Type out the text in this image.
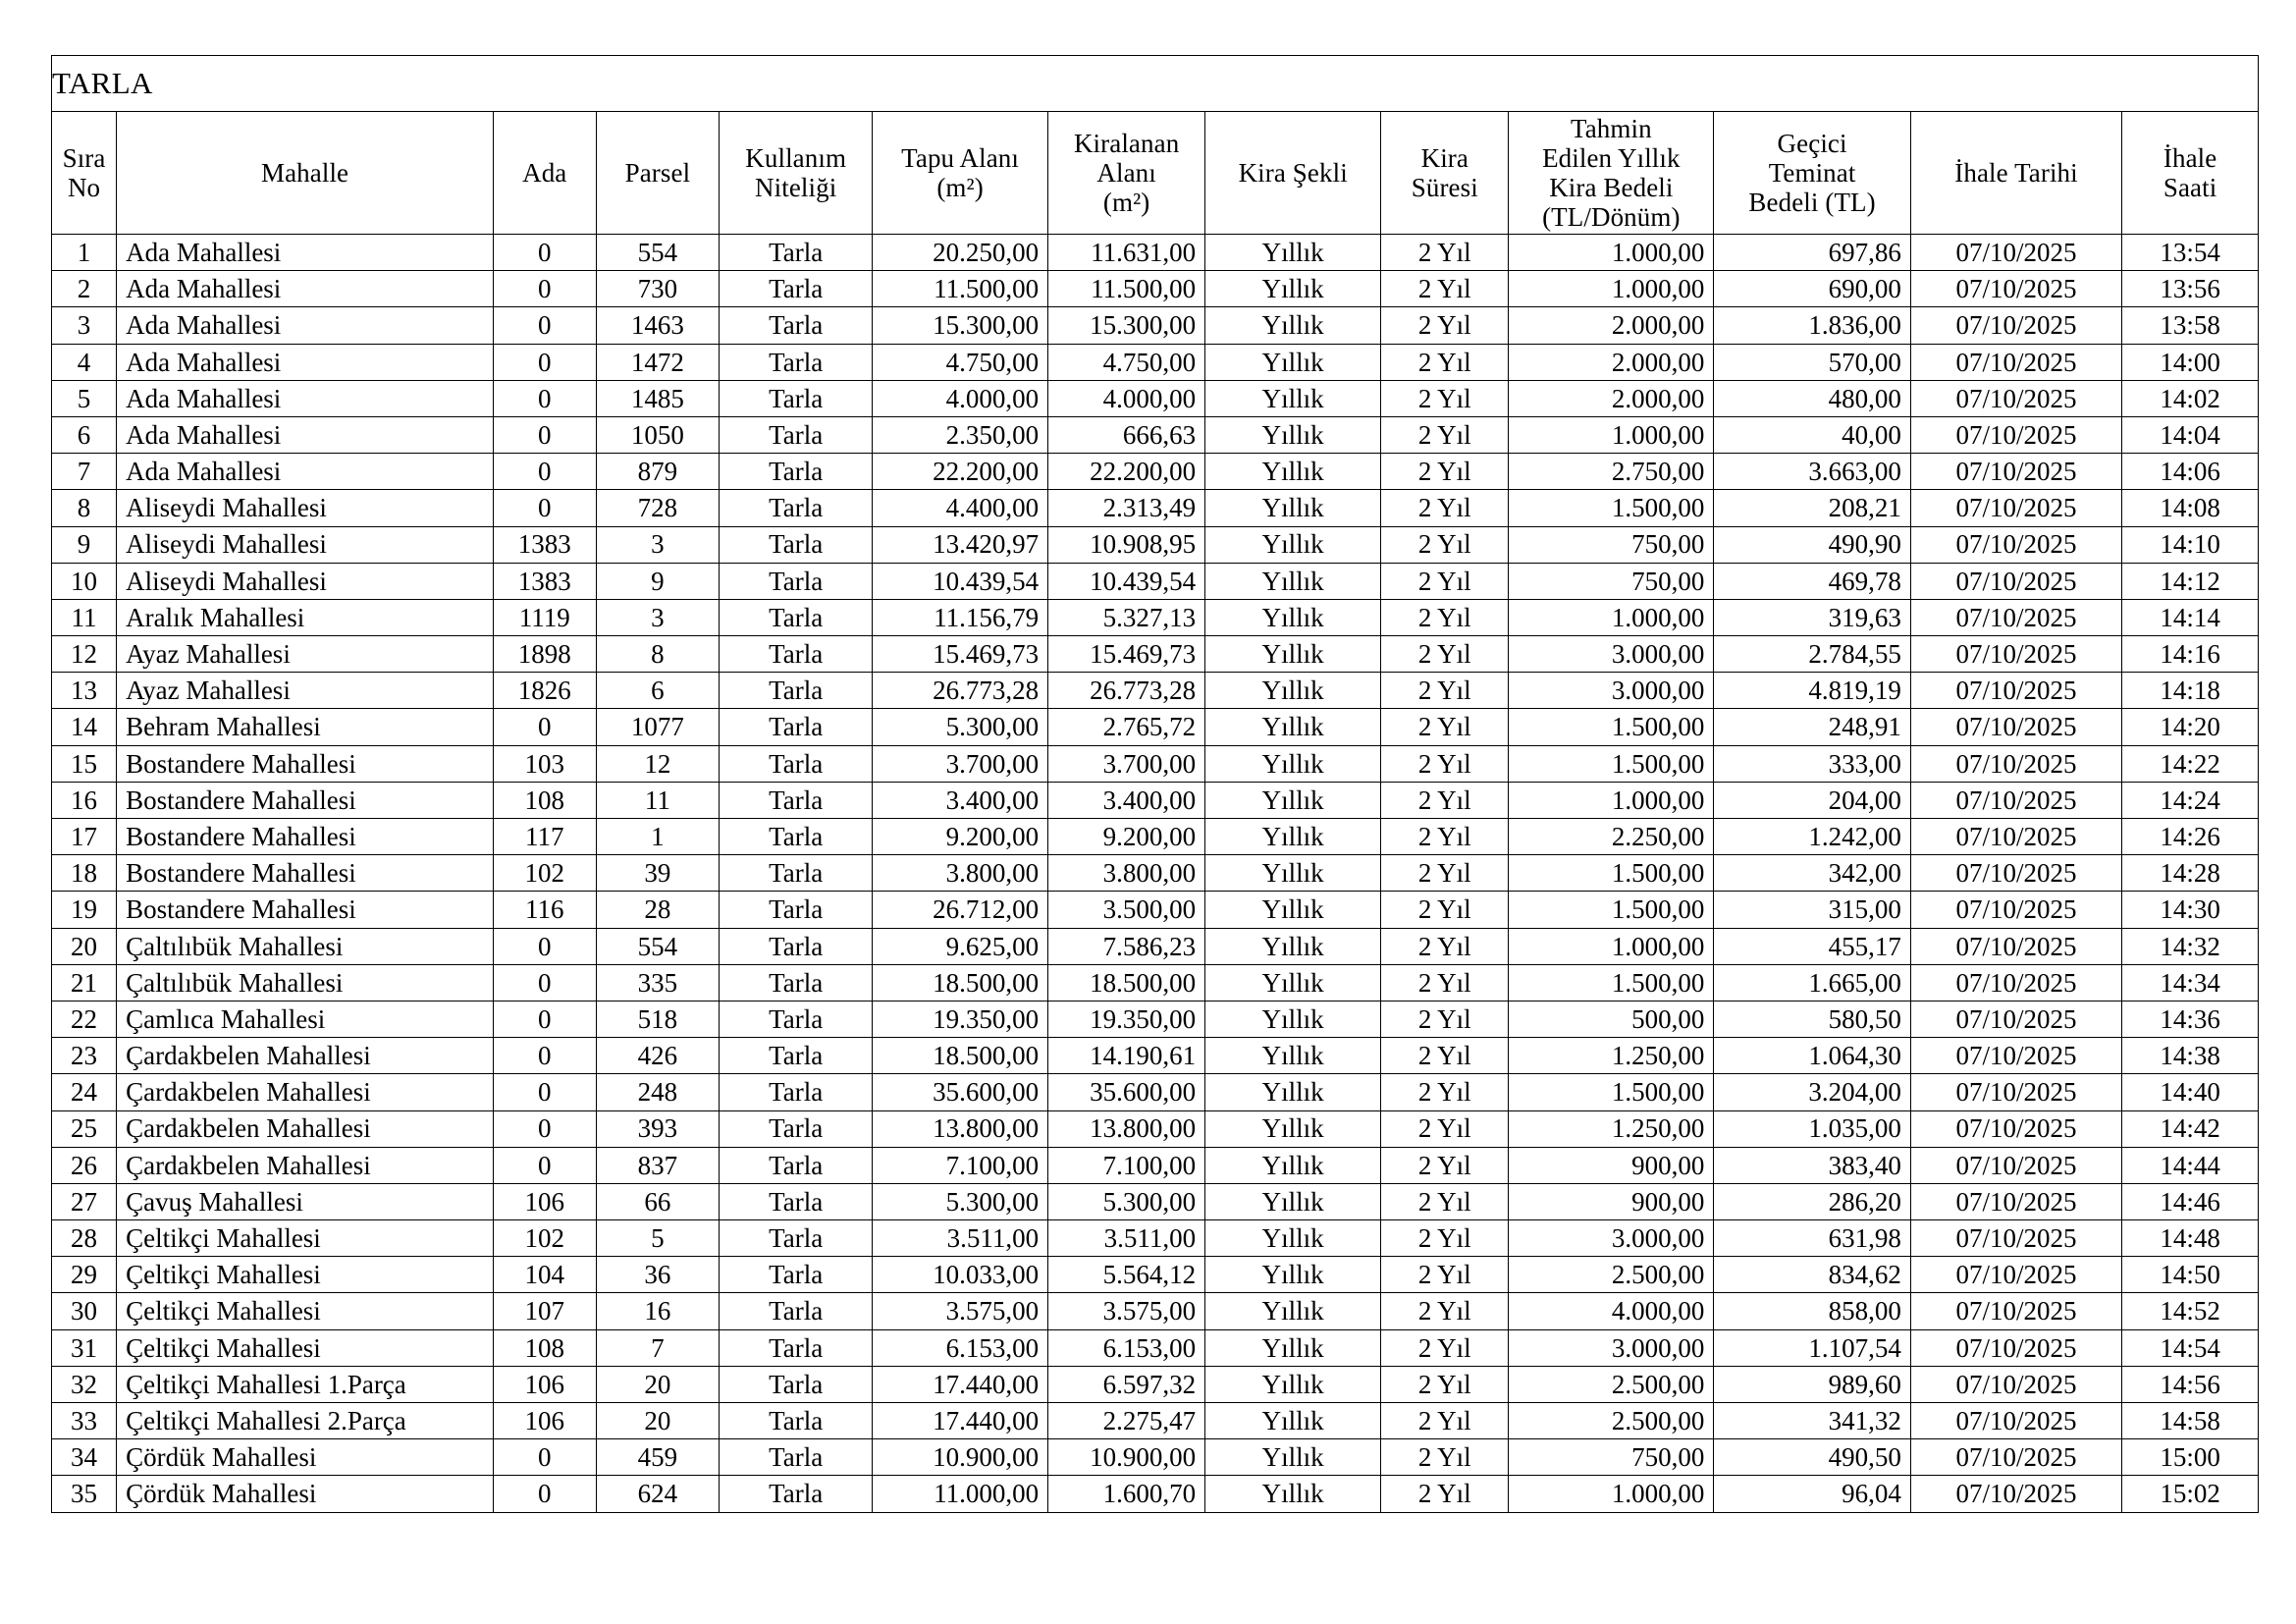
TARLA												

Sıra
No	Mahalle	Ada	Parsel	Kullanım
Niteliği	Tapu Alanı
(m²)	Kiralanan
Alanı
(m²)	Kira Şekli	Kira
Süresi	Tahmin
Edilen Yıllık
Kira Bedeli
(TL/Dönüm)	Geçici
Teminat
Bedeli (TL)	İhale Tarihi	İhale
Saati

1	Ada Mahallesi	0	554	Tarla	20.250,00	11.631,00	Yıllık	2 Yıl	1.000,00	697,86	07/10/2025	13:54
2	Ada Mahallesi	0	730	Tarla	11.500,00	11.500,00	Yıllık	2 Yıl	1.000,00	690,00	07/10/2025	13:56
3	Ada Mahallesi	0	1463	Tarla	15.300,00	15.300,00	Yıllık	2 Yıl	2.000,00	1.836,00	07/10/2025	13:58
4	Ada Mahallesi	0	1472	Tarla	4.750,00	4.750,00	Yıllık	2 Yıl	2.000,00	570,00	07/10/2025	14:00
5	Ada Mahallesi	0	1485	Tarla	4.000,00	4.000,00	Yıllık	2 Yıl	2.000,00	480,00	07/10/2025	14:02
6	Ada Mahallesi	0	1050	Tarla	2.350,00	666,63	Yıllık	2 Yıl	1.000,00	40,00	07/10/2025	14:04
7	Ada Mahallesi	0	879	Tarla	22.200,00	22.200,00	Yıllık	2 Yıl	2.750,00	3.663,00	07/10/2025	14:06
8	Aliseydi Mahallesi	0	728	Tarla	4.400,00	2.313,49	Yıllık	2 Yıl	1.500,00	208,21	07/10/2025	14:08
9	Aliseydi Mahallesi	1383	3	Tarla	13.420,97	10.908,95	Yıllık	2 Yıl	750,00	490,90	07/10/2025	14:10
10	Aliseydi Mahallesi	1383	9	Tarla	10.439,54	10.439,54	Yıllık	2 Yıl	750,00	469,78	07/10/2025	14:12
11	Aralık Mahallesi	1119	3	Tarla	11.156,79	5.327,13	Yıllık	2 Yıl	1.000,00	319,63	07/10/2025	14:14
12	Ayaz Mahallesi	1898	8	Tarla	15.469,73	15.469,73	Yıllık	2 Yıl	3.000,00	2.784,55	07/10/2025	14:16
13	Ayaz Mahallesi	1826	6	Tarla	26.773,28	26.773,28	Yıllık	2 Yıl	3.000,00	4.819,19	07/10/2025	14:18
14	Behram Mahallesi	0	1077	Tarla	5.300,00	2.765,72	Yıllık	2 Yıl	1.500,00	248,91	07/10/2025	14:20
15	Bostandere Mahallesi	103	12	Tarla	3.700,00	3.700,00	Yıllık	2 Yıl	1.500,00	333,00	07/10/2025	14:22
16	Bostandere Mahallesi	108	11	Tarla	3.400,00	3.400,00	Yıllık	2 Yıl	1.000,00	204,00	07/10/2025	14:24
17	Bostandere Mahallesi	117	1	Tarla	9.200,00	9.200,00	Yıllık	2 Yıl	2.250,00	1.242,00	07/10/2025	14:26
18	Bostandere Mahallesi	102	39	Tarla	3.800,00	3.800,00	Yıllık	2 Yıl	1.500,00	342,00	07/10/2025	14:28
19	Bostandere Mahallesi	116	28	Tarla	26.712,00	3.500,00	Yıllık	2 Yıl	1.500,00	315,00	07/10/2025	14:30
20	Çaltılıbük Mahallesi	0	554	Tarla	9.625,00	7.586,23	Yıllık	2 Yıl	1.000,00	455,17	07/10/2025	14:32
21	Çaltılıbük Mahallesi	0	335	Tarla	18.500,00	18.500,00	Yıllık	2 Yıl	1.500,00	1.665,00	07/10/2025	14:34
22	Çamlıca Mahallesi	0	518	Tarla	19.350,00	19.350,00	Yıllık	2 Yıl	500,00	580,50	07/10/2025	14:36
23	Çardakbelen Mahallesi	0	426	Tarla	18.500,00	14.190,61	Yıllık	2 Yıl	1.250,00	1.064,30	07/10/2025	14:38
24	Çardakbelen Mahallesi	0	248	Tarla	35.600,00	35.600,00	Yıllık	2 Yıl	1.500,00	3.204,00	07/10/2025	14:40
25	Çardakbelen Mahallesi	0	393	Tarla	13.800,00	13.800,00	Yıllık	2 Yıl	1.250,00	1.035,00	07/10/2025	14:42
26	Çardakbelen Mahallesi	0	837	Tarla	7.100,00	7.100,00	Yıllık	2 Yıl	900,00	383,40	07/10/2025	14:44
27	Çavuş Mahallesi	106	66	Tarla	5.300,00	5.300,00	Yıllık	2 Yıl	900,00	286,20	07/10/2025	14:46
28	Çeltikçi Mahallesi	102	5	Tarla	3.511,00	3.511,00	Yıllık	2 Yıl	3.000,00	631,98	07/10/2025	14:48
29	Çeltikçi Mahallesi	104	36	Tarla	10.033,00	5.564,12	Yıllık	2 Yıl	2.500,00	834,62	07/10/2025	14:50
30	Çeltikçi Mahallesi	107	16	Tarla	3.575,00	3.575,00	Yıllık	2 Yıl	4.000,00	858,00	07/10/2025	14:52
31	Çeltikçi Mahallesi	108	7	Tarla	6.153,00	6.153,00	Yıllık	2 Yıl	3.000,00	1.107,54	07/10/2025	14:54
32	Çeltikçi Mahallesi 1.Parça	106	20	Tarla	17.440,00	6.597,32	Yıllık	2 Yıl	2.500,00	989,60	07/10/2025	14:56
33	Çeltikçi Mahallesi 2.Parça	106	20	Tarla	17.440,00	2.275,47	Yıllık	2 Yıl	2.500,00	341,32	07/10/2025	14:58
34	Çördük Mahallesi	0	459	Tarla	10.900,00	10.900,00	Yıllık	2 Yıl	750,00	490,50	07/10/2025	15:00
35	Çördük Mahallesi	0	624	Tarla	11.000,00	1.600,70	Yıllık	2 Yıl	1.000,00	96,04	07/10/2025	15:02
